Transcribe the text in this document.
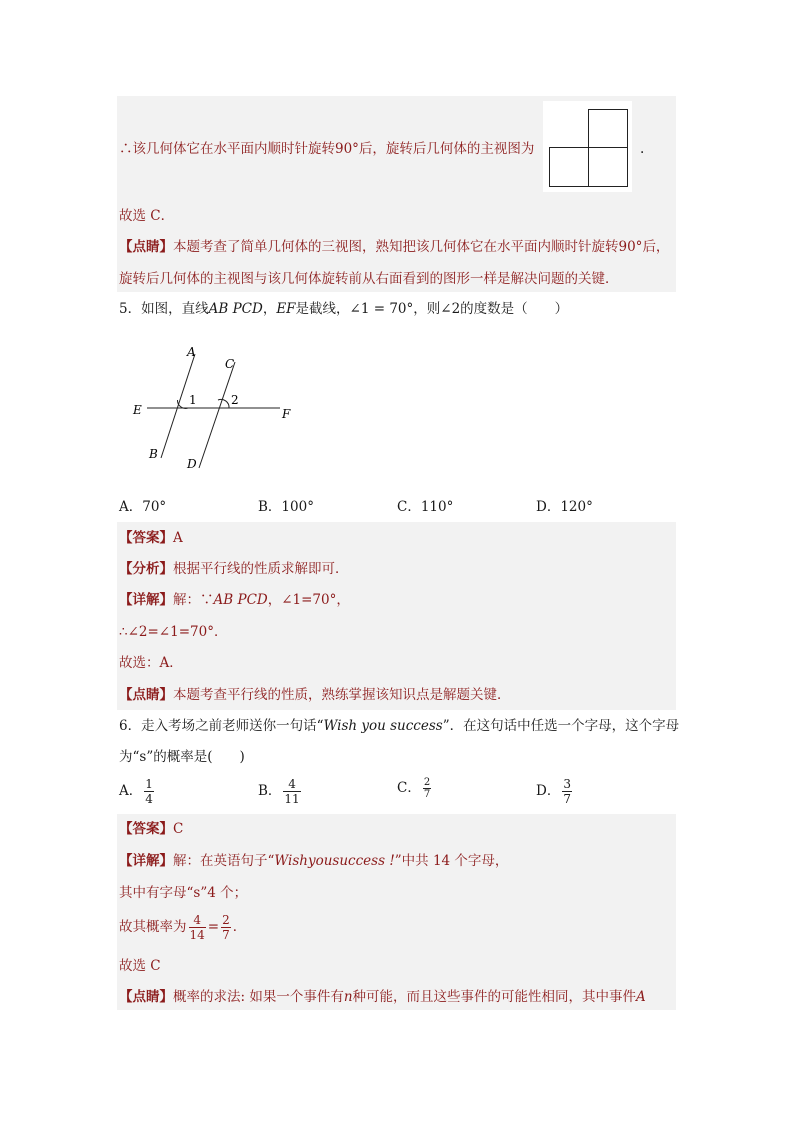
∴该几何体它在水平面内顺时针旋转90°后，旋转后几何体的主视图为	.
故选 C．
【点睛】本题考查了简单几何体的三视图，熟知把该几何体它在水平面内顺时针旋转90°后，
旋转后几何体的主视图与该几何体旋转前从右面看到的图形一样是解决问题的关键．
5．如图，直线AB PCD，EF是截线，∠1 = 70°，则∠2的度数是（　　）
A
C
E	F
B
D
1	2
A．70°	B．100°	C．110°	D．120°
【答案】A
【分析】根据平行线的性质求解即可．
【详解】解：∵AB PCD，∠1=70°，
∴∠2=∠1=70°．
故选：A．
【点睛】本题考查平行线的性质，熟练掌握该知识点是解题关键．
6．走入考场之前老师送你一句话“Wish you success”．在这句话中任选一个字母，这个字母
为“s”的概率是(　　)
A． $\frac{1}{4}$	B． $\frac{4}{11}$	C． $\frac{2}{7}$	D． $\frac{3}{7}$
【答案】C
【详解】解：在英语句子“Wishyousuccess !”中共 14 个字母，
其中有字母“s”4 个；
故其概率为 $\frac{4}{14} = \frac{2}{7}$ ．
故选 C
【点睛】概率的求法: 如果一个事件有n种可能，而且这些事件的可能性相同，其中事件A
